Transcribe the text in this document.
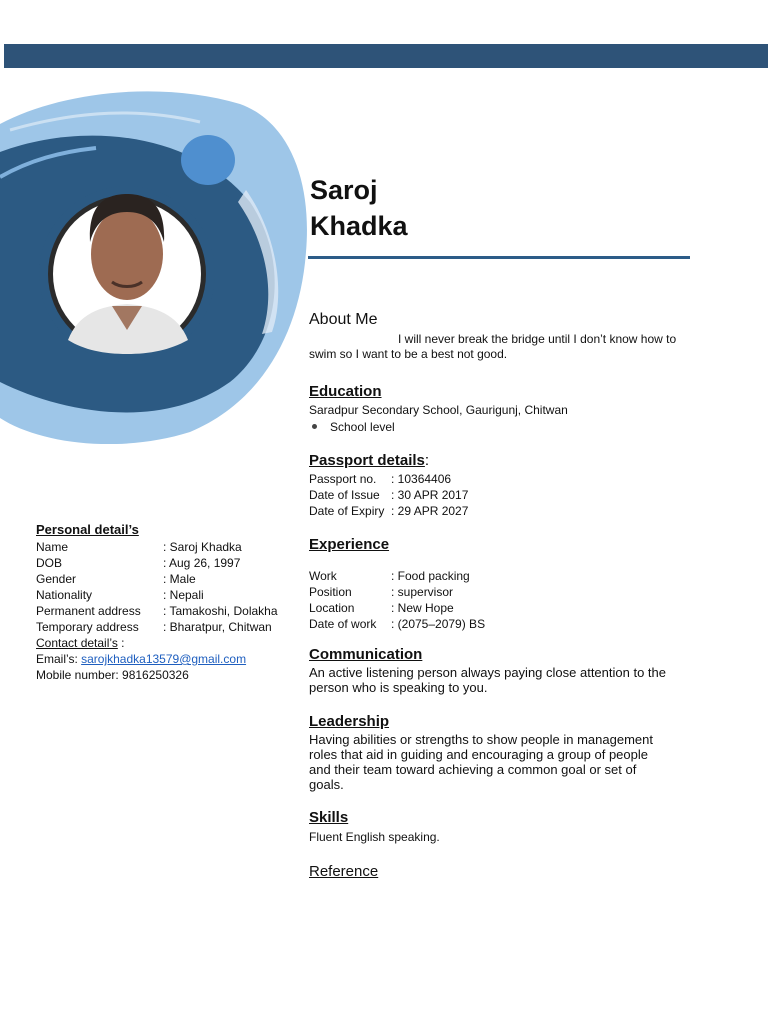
Saroj
Khadka
About Me
I will never break the bridge until I don’t know how to
swim so I want to be a best not good.
Education
Saradpur Secondary School, Gaurigunj, Chitwan
School level
Passport details:
Passport no. : 10364406
Date of Issue : 30 APR 2017
Date of Expiry : 29 APR 2027
Experience
Work	: Food packing
Position	: supervisor
Location	: New Hope
Date of work : (2075–2079) BS
Communication
An active listening person always paying close attention to the
person who is speaking to you.
Leadership
Having abilities or strengths to show people in management
roles that aid in guiding and encouraging a group of people
and their team toward achieving a common goal or set of
goals.
Skills
Fluent English speaking.
Reference
Personal detail’s
Name	: Saroj Khadka
DOB	: Aug 26, 1997
Gender	: Male
Nationality	: Nepali
Permanent address : Tamakoshi, Dolakha
Temporary address : Bharatpur, Chitwan
Contact detail’s :
Email’s: sarojkhadka13579@gmail.com
Mobile number: 9816250326
